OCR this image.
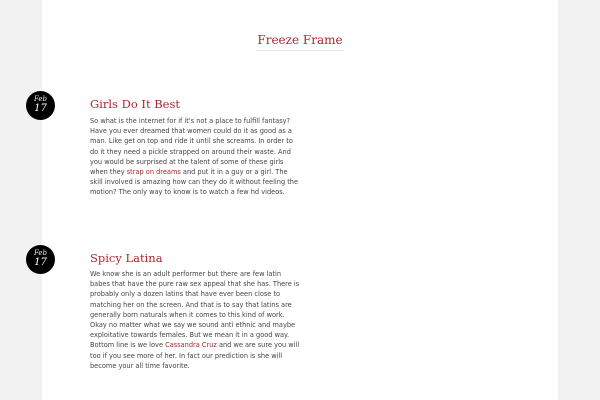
Freeze Frame
Feb
17	Girls Do It Best

So what is the internet for if it's not a place to fulfill fantasy? Have you ever dreamed that women could do it as good as a man. Like get on top and ride it until she screams. In order to do it they need a pickle strapped on around their waste. And you would be surprised at the talent of some of these girls when they strap on dreams and put it in a guy or a girl. The skill involved is amazing how can they do it without feeling the motion? The only way to know is to watch a few hd videos.

Feb
17	Spicy Latina

We know she is an adult performer but there are few latin babes that have the pure raw sex appeal that she has. There is probably only a dozen latins that have ever been close to matching her on the screen. And that is to say that latins are generally born naturals when it comes to this kind of work. Okay no matter what we say we sound anti ethnic and maybe exploitative towards females. But we mean it in a good way. Bottom line is we love Cassandra Cruz and we are sure you will too if you see more of her. In fact our prediction is she will become your all time favorite.
